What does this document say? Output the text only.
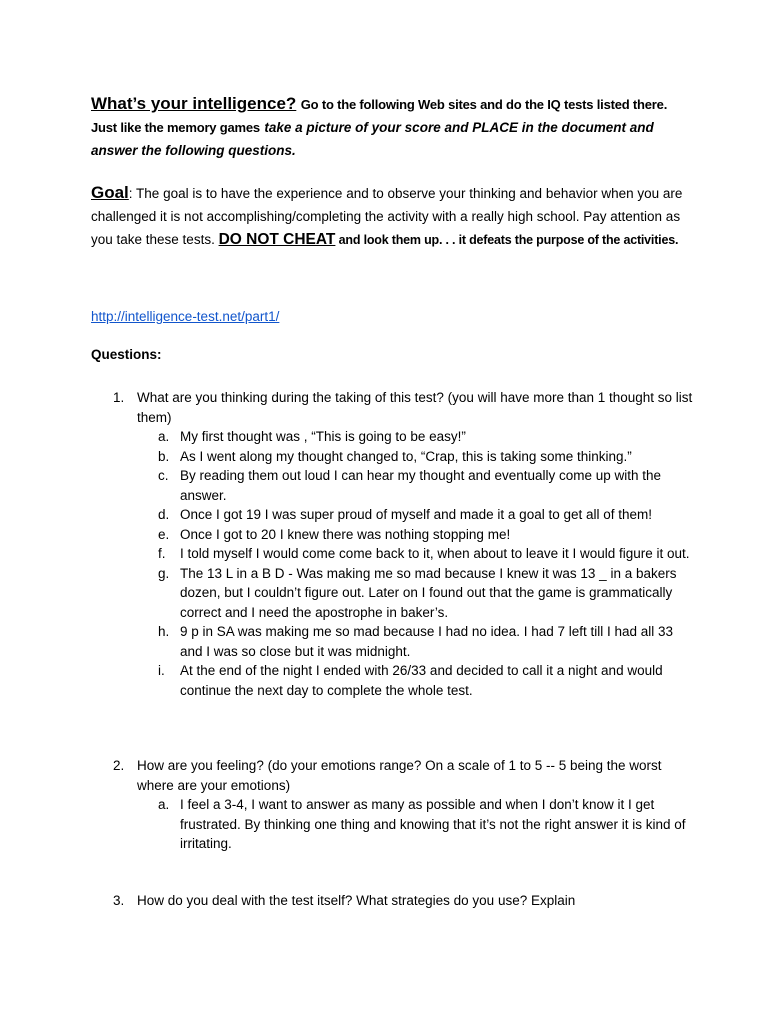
What’s your intelligence? Go to the following Web sites and do the IQ tests listed there. Just like the memory games take a picture of your score and PLACE in the document and answer the following questions.
Goal: The goal is to have the experience and to observe your thinking and behavior when you are challenged it is not accomplishing/completing the activity with a really high school. Pay attention as you take these tests. DO NOT CHEAT and look them up. . . it defeats the purpose of the activities.
http://intelligence-test.net/part1/
Questions:
1. What are you thinking during the taking of this test? (you will have more than 1 thought so list them)
a. My first thought was , “This is going to be easy!”
b. As I went along my thought changed to, “Crap, this is taking some thinking.”
c. By reading them out loud I can hear my thought and eventually come up with the answer.
d. Once I got 19 I was super proud of myself and made it a goal to get all of them!
e. Once I got to 20 I knew there was nothing stopping me!
f.	I told myself I would come come back to it, when about to leave it I would figure it out.
g. The 13 L in a B D - Was making me so mad because I knew it was 13 _ in a bakers dozen, but I couldn’t figure out. Later on I found out that the game is grammatically correct and I need the apostrophe in baker’s.
h. 9 p in SA was making me so mad because I had no idea. I had 7 left till I had all 33 and I was so close but it was midnight.
i.	At the end of the night I ended with 26/33 and decided to call it a night and would continue the next day to complete the whole test.
2. How are you feeling? (do your emotions range? On a scale of 1 to 5 -- 5 being the worst where are your emotions)
a. I feel a 3-4, I want to answer as many as possible and when I don’t know it I get frustrated. By thinking one thing and knowing that it’s not the right answer it is kind of irritating.
3. How do you deal with the test itself? What strategies do you use? Explain
